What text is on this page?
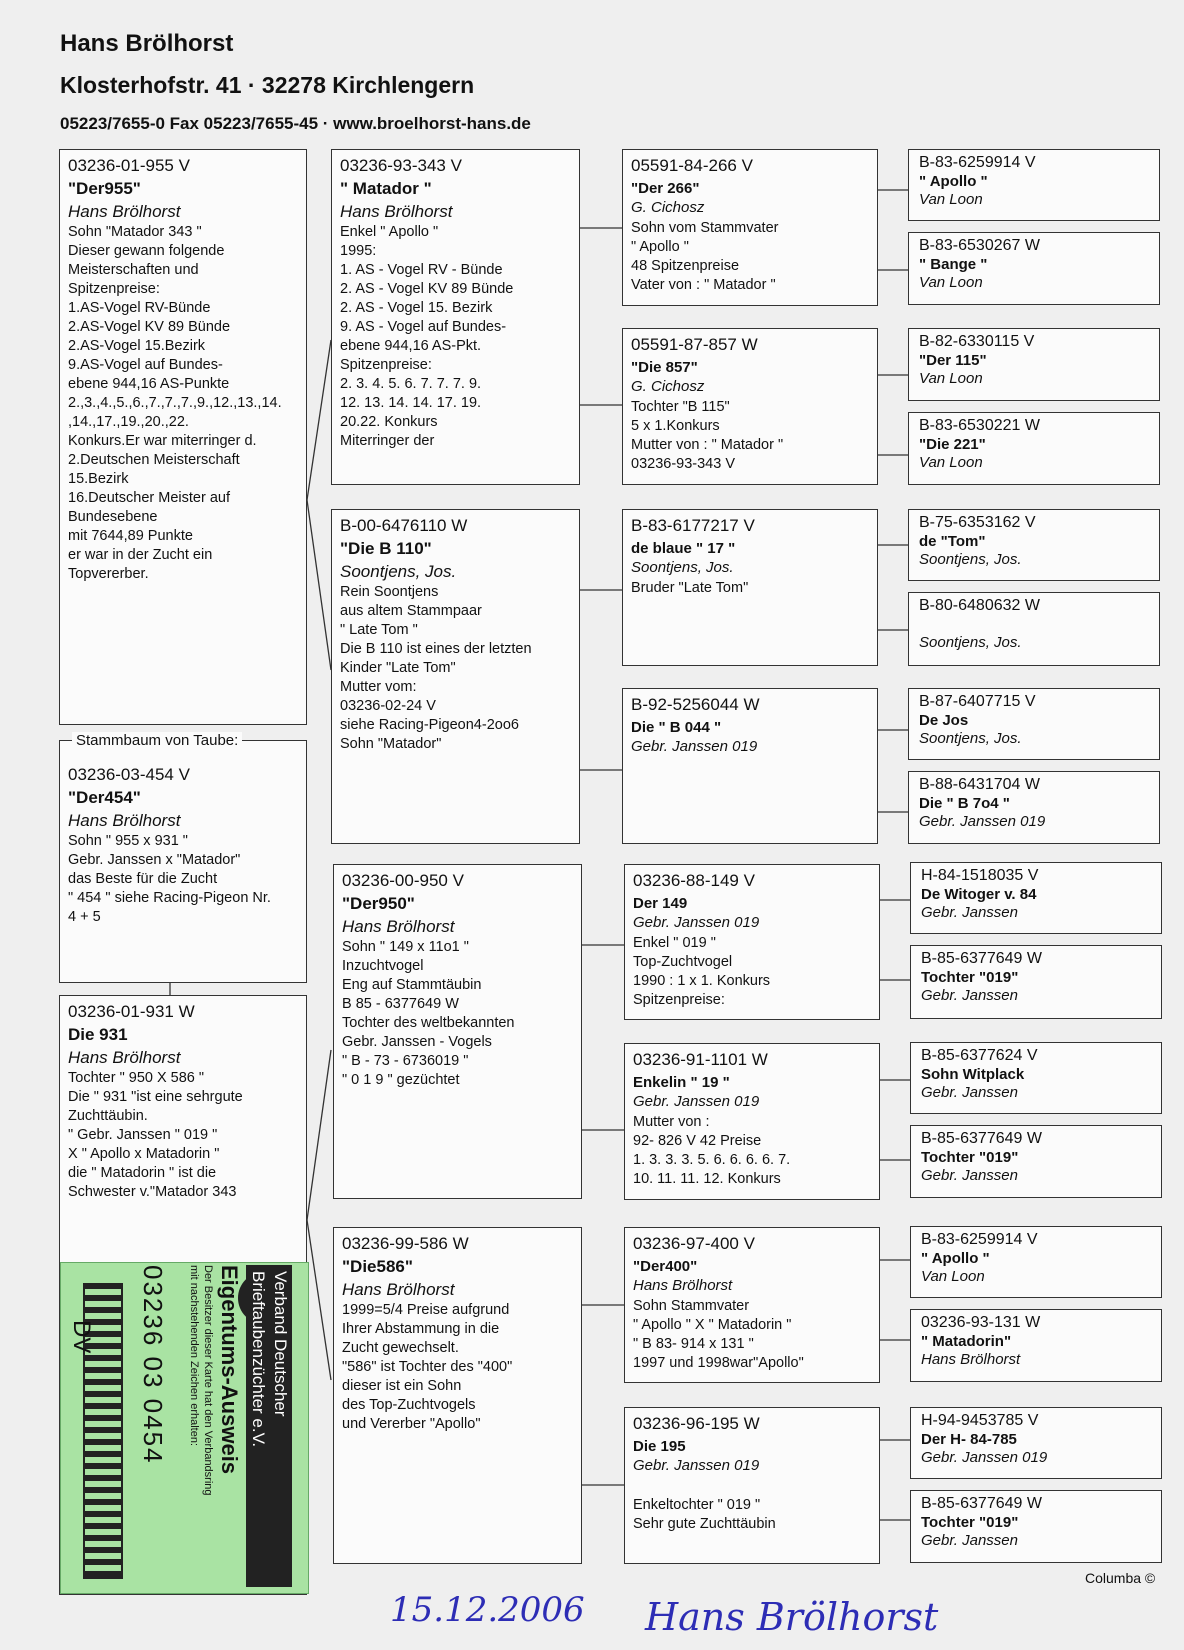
Hans Brölhorst
Klosterhofstr. 41 · 32278 Kirchlengern
05223/7655-0 Fax 05223/7655-45 · www.broelhorst-hans.de
03236-01-955 V
"Der955"
Hans Brölhorst
Sohn "Matador 343 "
Dieser gewann folgende
Meisterschaften und
Spitzenpreise:
1.AS-Vogel RV-Bünde
2.AS-Vogel KV 89 Bünde
2.AS-Vogel 15.Bezirk
9.AS-Vogel auf Bundes-
ebene 944,16 AS-Punkte
2.,3.,4.,5.,6.,7.,7.,7.,9.,12.,13.,14.
,14.,17.,19.,20.,22.
Konkurs.Er war miterringer d.
2.Deutschen Meisterschaft
15.Bezirk
16.Deutscher Meister auf
Bundesebene
mit 7644,89 Punkte
er war in der Zucht ein
Topvererber.
03236-03-454 V
"Der454"
Hans Brölhorst
Sohn " 955 x 931 "
Gebr. Janssen x "Matador"
das Beste für die Zucht
" 454 " siehe Racing-Pigeon Nr.
4 + 5
Stammbaum von Taube:
03236-01-931 W
Die 931
Hans Brölhorst
Tochter " 950 X 586 "
Die " 931 "ist eine sehrgute
Zuchttäubin.
" Gebr. Janssen " 019 "
X " Apollo x Matadorin "
die " Matadorin " ist die
Schwester v."Matador 343
DV	Verband Deutscher
Brieftaubenzüchter e.V.
Eigentums-Ausweis
Der Besitzer dieser Karte hat den Verbandsring
mit nachstehenden Zeichen erhalten:
03236 03 0454
03236-93-343 V
" Matador "
Hans Brölhorst
Enkel " Apollo "
1995:
1. AS - Vogel RV - Bünde
2. AS - Vogel KV 89 Bünde
2. AS - Vogel 15. Bezirk
9. AS - Vogel auf Bundes-
ebene 944,16 AS-Pkt.
Spitzenpreise:
2. 3. 4. 5. 6. 7. 7. 7. 9.
12. 13. 14. 14. 17. 19.
20.22. Konkurs
Miterringer der
B-00-6476110 W
"Die B 110"
Soontjens, Jos.
Rein Soontjens
aus altem Stammpaar
" Late Tom "
Die B 110 ist eines der letzten
Kinder "Late Tom"
Mutter vom:
03236-02-24 V
siehe Racing-Pigeon4-2oo6
Sohn "Matador"
03236-00-950 V
"Der950"
Hans Brölhorst
Sohn " 149 x 11o1 "
Inzuchtvogel
Eng auf Stammtäubin
B 85 - 6377649 W
Tochter des weltbekannten
Gebr. Janssen - Vogels
" B - 73 - 6736019 "
" 0 1 9 " gezüchtet
03236-99-586 W
"Die586"
Hans Brölhorst
1999=5/4 Preise aufgrund
Ihrer Abstammung in die
Zucht gewechselt.
"586" ist Tochter des "400"
dieser ist ein Sohn
des Top-Zuchtvogels
und Vererber "Apollo"
05591-84-266 V
"Der 266"
G. Cichosz
Sohn vom Stammvater
" Apollo "
48 Spitzenpreise
Vater von : " Matador "
05591-87-857 W
"Die 857"
G. Cichosz
Tochter "B 115"
5 x 1.Konkurs
Mutter von : " Matador "
03236-93-343 V
B-83-6177217 V
de blaue " 17 "
Soontjens, Jos.
Bruder "Late Tom"
B-92-5256044 W
Die " B 044 "
Gebr. Janssen 019
03236-88-149 V
Der 149
Gebr. Janssen 019
Enkel " 019 "
Top-Zuchtvogel
1990 : 1 x 1. Konkurs
Spitzenpreise:
03236-91-1101 W
Enkelin " 19 "
Gebr. Janssen 019
Mutter von :
92- 826 V 42 Preise
1. 3. 3. 3. 5. 6. 6. 6. 6. 7.
10. 11. 11. 12. Konkurs
03236-97-400 V
"Der400"
Hans Brölhorst
Sohn Stammvater
" Apollo " X " Matadorin "
" B 83- 914 x 131 "
1997 und 1998war"Apollo"
03236-96-195 W
Die 195
Gebr. Janssen 019

Enkeltochter " 019 "
Sehr gute Zuchttäubin
B-83-6259914 V
" Apollo "
Van Loon
B-83-6530267 W
" Bange "
Van Loon
B-82-6330115 V
"Der 115"
Van Loon
B-83-6530221 W
"Die 221"
Van Loon
B-75-6353162 V
de "Tom"
Soontjens, Jos.
B-80-6480632 W
Soontjens, Jos.
B-87-6407715 V
De Jos
Soontjens, Jos.
B-88-6431704 W
Die " B 7o4 "
Gebr. Janssen 019
H-84-1518035 V
De Witoger v. 84
Gebr. Janssen
B-85-6377649 W
Tochter "019"
Gebr. Janssen
B-85-6377624 V
Sohn Witplack
Gebr. Janssen
B-85-6377649 W
Tochter "019"
Gebr. Janssen
B-83-6259914 V
" Apollo "
Van Loon
03236-93-131 W
" Matadorin"
Hans Brölhorst
H-94-9453785 V
Der H- 84-785
Gebr. Janssen 019
B-85-6377649 W
Tochter "019"
Gebr. Janssen
Columba ©
15.12.2006 Hans Brölhorst
